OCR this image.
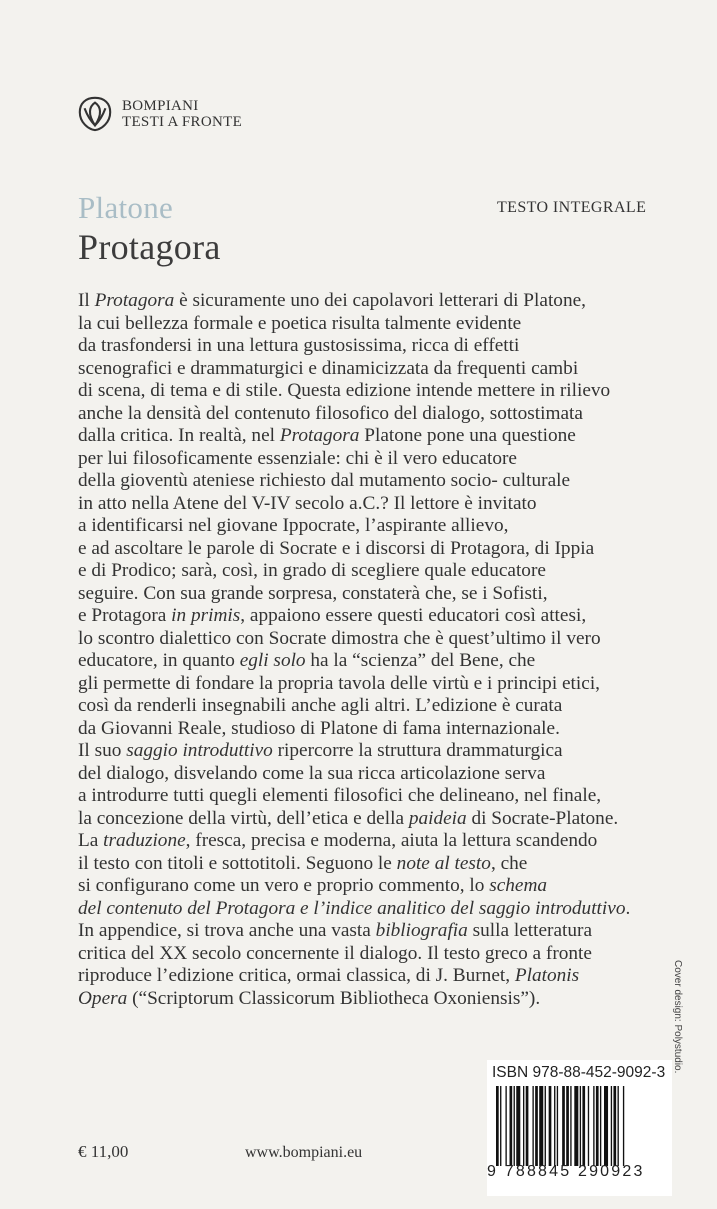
BOMPIANI
TESTI A FRONTE
Platone
Protagora
TESTO INTEGRALE

Il Protagora è sicuramente uno dei capolavori letterari di Platone,

la cui bellezza formale e poetica risulta talmente evidente

da trasfondersi in una lettura gustosissima, ricca di effetti

scenografici e drammaturgici e dinamicizzata da frequenti cambi

di scena, di tema e di stile. Questa edizione intende mettere in rilievo

anche la densità del contenuto filosofico del dialogo, sottostimata

dalla critica. In realtà, nel Protagora Platone pone una questione

per lui filosoficamente essenziale: chi è il vero educatore

della gioventù ateniese richiesto dal mutamento socio- culturale

in atto nella Atene del V-IV secolo a.C.? Il lettore è invitato

a identificarsi nel giovane Ippocrate, l’aspirante allievo,

e ad ascoltare le parole di Socrate e i discorsi di Protagora, di Ippia

e di Prodico; sarà, così, in grado di scegliere quale educatore

seguire. Con sua grande sorpresa, constaterà che, se i Sofisti,

e Protagora in primis, appaiono essere questi educatori così attesi,

lo scontro dialettico con Socrate dimostra che è quest’ultimo il vero

educatore, in quanto egli solo ha la “scienza” del Bene, che

gli permette di fondare la propria tavola delle virtù e i principi etici,

così da renderli insegnabili anche agli altri. L’edizione è curata

da Giovanni Reale, studioso di Platone di fama internazionale.

Il suo saggio introduttivo ripercorre la struttura drammaturgica

del dialogo, disvelando come la sua ricca articolazione serva

a introdurre tutti quegli elementi filosofici che delineano, nel finale,

la concezione della virtù, dell’etica e della paideia di Socrate-Platone.

La traduzione, fresca, precisa e moderna, aiuta la lettura scandendo

il testo con titoli e sottotitoli. Seguono le note al testo, che

si configurano come un vero e proprio commento, lo schema

del contenuto del Protagora e l’indice analitico del saggio introduttivo.

In appendice, si trova anche una vasta bibliografia sulla letteratura

critica del XX secolo concernente il dialogo. Il testo greco a fronte

riproduce l’edizione critica, ormai classica, di J. Burnet, Platonis

Opera (“Scriptorum Classicorum Bibliotheca Oxoniensis”).	Cover design: Polystudio.
€ 11,00	www.bompiani.eu
ISBN 978-88-452-9092-3
9 788845 290923
